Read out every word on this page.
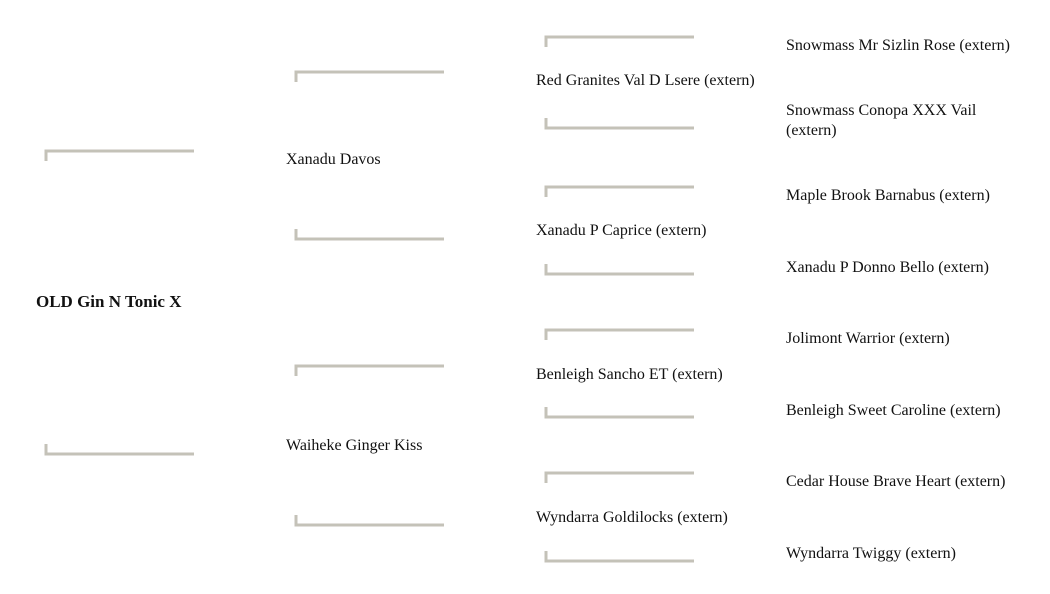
OLD Gin N Tonic X
Xanadu Davos
Waiheke Ginger Kiss
Red Granites Val D Lsere (extern)
Xanadu P Caprice (extern)
Benleigh Sancho ET (extern)
Wyndarra Goldilocks (extern)
Snowmass Mr Sizlin Rose (extern)
Snowmass Conopa XXX Vail (extern)
Maple Brook Barnabus (extern)
Xanadu P Donno Bello (extern)
Jolimont Warrior (extern)
Benleigh Sweet Caroline (extern)
Cedar House Brave Heart (extern)
Wyndarra Twiggy (extern)
